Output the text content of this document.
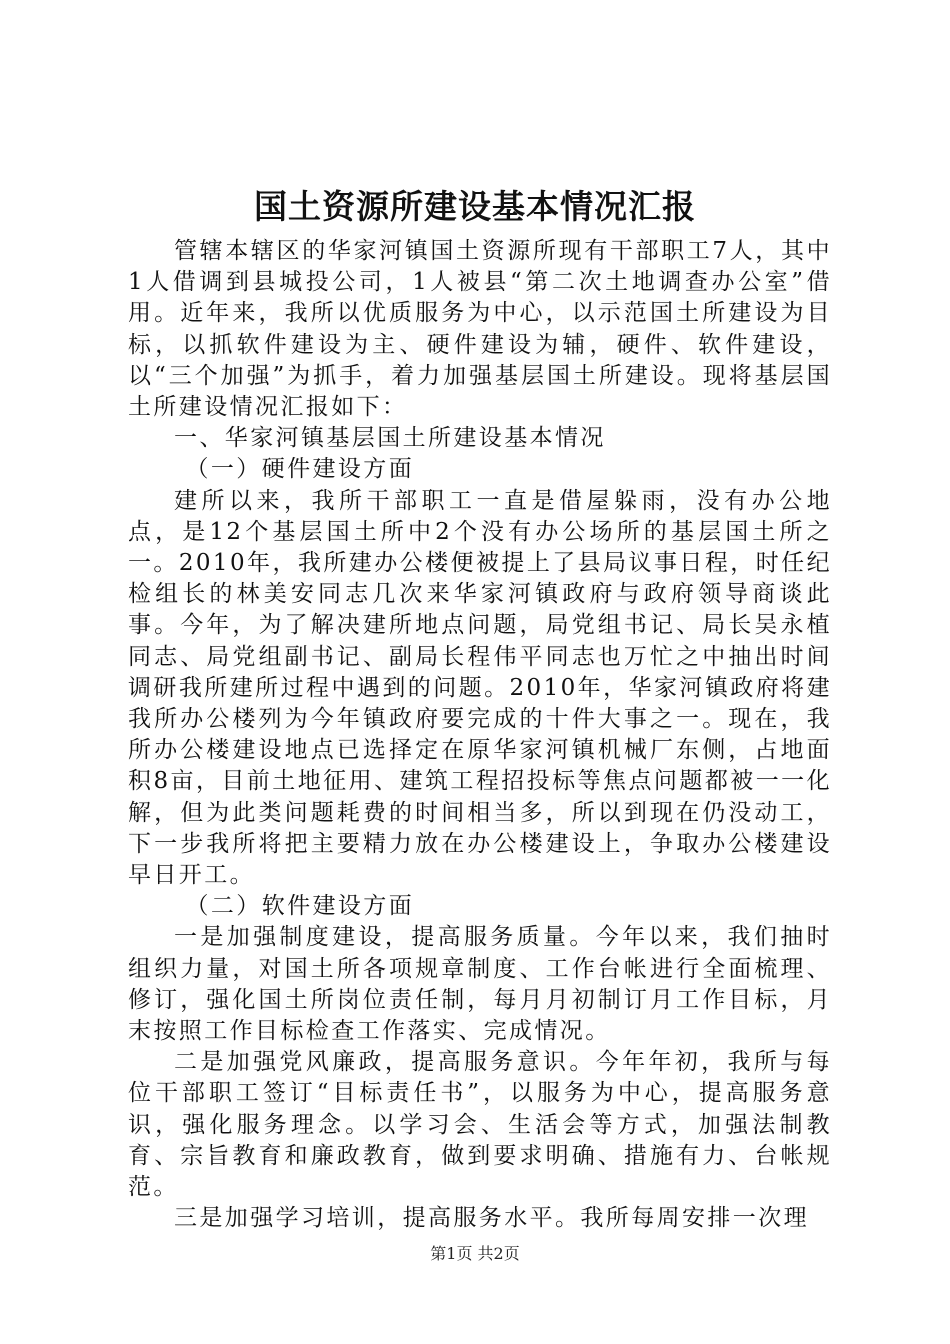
国土资源所建设基本情况汇报

管辖本辖区的华家河镇国土资源所现有干部职工7人，其中1人借调到县城投公司，1人被县“第二次土地调查办公室”借用。近年来，我所以优质服务为中心，以示范国土所建设为目标，以抓软件建设为主、硬件建设为辅，硬件、软件建设，以“三个加强”为抓手，着力加强基层国土所建设。现将基层国土所建设情况汇报如下：

一、华家河镇基层国土所建设基本情况

（一）硬件建设方面

建所以来，我所干部职工一直是借屋躲雨，没有办公地点，是12个基层国土所中2个没有办公场所的基层国土所之一。2010年，我所建办公楼便被提上了县局议事日程，时任纪检组长的林美安同志几次来华家河镇政府与政府领导商谈此事。今年，为了解决建所地点问题，局党组书记、局长吴永植同志、局党组副书记、副局长程伟平同志也万忙之中抽出时间调研我所建所过程中遇到的问题。2010年，华家河镇政府将建我所办公楼列为今年镇政府要完成的十件大事之一。现在，我所办公楼建设地点已选择定在原华家河镇机械厂东侧，占地面积8亩，目前土地征用、建筑工程招投标等焦点问题都被一一化解，但为此类问题耗费的时间相当多，所以到现在仍没动工，下一步我所将把主要精力放在办公楼建设上，争取办公楼建设早日开工。

（二）软件建设方面

一是加强制度建设，提高服务质量。今年以来，我们抽时组织力量，对国土所各项规章制度、工作台帐进行全面梳理、修订，强化国土所岗位责任制，每月月初制订月工作目标，月末按照工作目标检查工作落实、完成情况。

二是加强党风廉政，提高服务意识。今年年初，我所与每位干部职工签订“目标责任书”，以服务为中心，提高服务意识，强化服务理念。以学习会、生活会等方式，加强法制教育、宗旨教育和廉政教育，做到要求明确、措施有力、台帐规范。

三是加强学习培训，提高服务水平。我所每周安排一次理

第1页 共2页
